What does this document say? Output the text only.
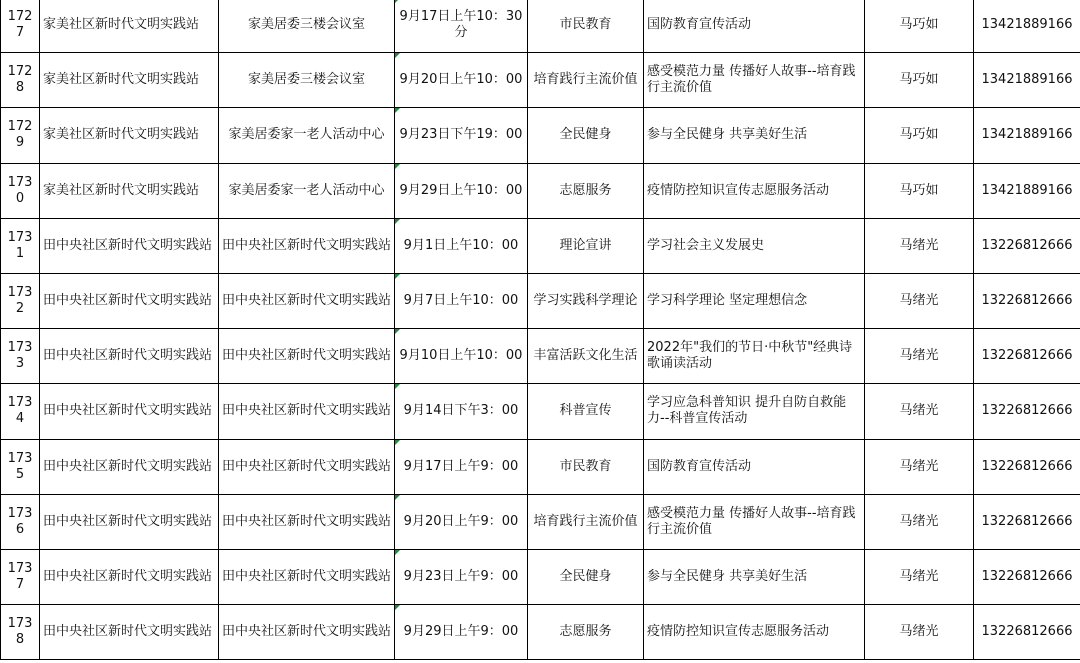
1727	家美社区新时代文明实践站	家美居委三楼会议室	9月17日上午10：30分	市民教育	国防教育宣传活动	马巧如	13421889166
1728	家美社区新时代文明实践站	家美居委三楼会议室	9月20日上午10：00	培育践行主流价值	感受模范力量 传播好人故事--培育践行主流价值	马巧如	13421889166
1729	家美社区新时代文明实践站	家美居委家一老人活动中心	9月23日下午19：00	全民健身	参与全民健身 共享美好生活	马巧如	13421889166
1730	家美社区新时代文明实践站	家美居委家一老人活动中心	9月29日上午10：00	志愿服务	疫情防控知识宣传志愿服务活动	马巧如	13421889166
1731	田中央社区新时代文明实践站	田中央社区新时代文明实践站	9月1日上午10：00	理论宣讲	学习社会主义发展史	马绪光	13226812666
1732	田中央社区新时代文明实践站	田中央社区新时代文明实践站	9月7日上午10：00	学习实践科学理论	学习科学理论 坚定理想信念	马绪光	13226812666
1733	田中央社区新时代文明实践站	田中央社区新时代文明实践站	9月10日上午10：00	丰富活跃文化生活	2022年"我们的节日·中秋节"经典诗歌诵读活动	马绪光	13226812666
1734	田中央社区新时代文明实践站	田中央社区新时代文明实践站	9月14日下午3：00	科普宣传	学习应急科普知识 提升自防自救能力--科普宣传活动	马绪光	13226812666
1735	田中央社区新时代文明实践站	田中央社区新时代文明实践站	9月17日上午9：00	市民教育	国防教育宣传活动	马绪光	13226812666
1736	田中央社区新时代文明实践站	田中央社区新时代文明实践站	9月20日上午9：00	培育践行主流价值	感受模范力量 传播好人故事--培育践行主流价值	马绪光	13226812666
1737	田中央社区新时代文明实践站	田中央社区新时代文明实践站	9月23日上午9：00	全民健身	参与全民健身 共享美好生活	马绪光	13226812666
1738	田中央社区新时代文明实践站	田中央社区新时代文明实践站	9月29日上午9：00	志愿服务	疫情防控知识宣传志愿服务活动	马绪光	13226812666
